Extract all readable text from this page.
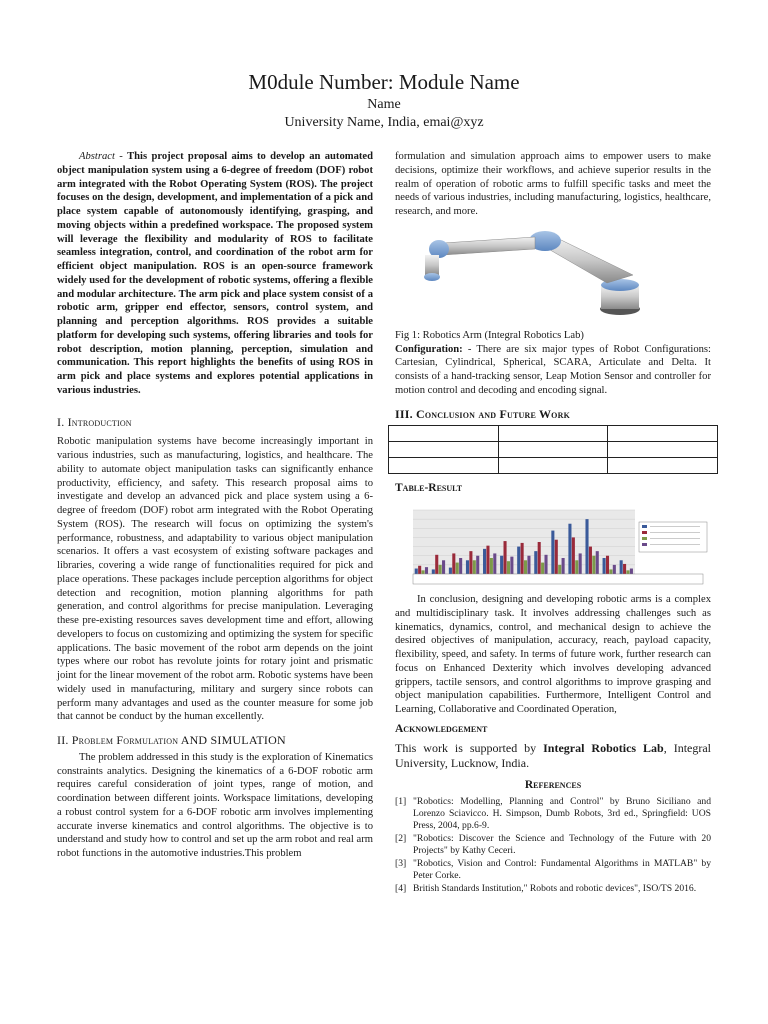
M0dule Number: Module Name
Name
University Name, India, emai@xyz

Abstract - This project proposal aims to develop an automated object manipulation system using a 6-degree of freedom (DOF) robot arm integrated with the Robot Operating System (ROS). The project focuses on the design, development, and implementation of a pick and place system capable of autonomously identifying, grasping, and moving objects within a predefined workspace. The proposed system will leverage the flexibility and modularity of ROS to facilitate seamless integration, control, and coordination of the robot arm for efficient object manipulation. ROS is an open-source framework widely used for the development of robotic systems, offering a flexible and modular architecture. The arm pick and place system consist of a robotic arm, gripper end effector, sensors, control system, and planning and perception algorithms. ROS provides a suitable platform for developing such systems, offering libraries and tools for robot description, motion planning, perception, simulation and communication. This report highlights the benefits of using ROS in arm pick and place systems and explores potential applications in various industries.

I. Introduction

Robotic manipulation systems have become increasingly important in various industries, such as manufacturing, logistics, and healthcare. The ability to automate object manipulation tasks can significantly enhance productivity, efficiency, and safety. This research proposal aims to investigate and develop an advanced pick and place system using a 6-degree of freedom (DOF) robot arm integrated with the Robot Operating System (ROS). The research will focus on optimizing the system's performance, robustness, and adaptability to various object manipulation scenarios. It offers a vast ecosystem of existing software packages and libraries, covering a wide range of functionalities required for pick and place operations. These packages include perception algorithms for object detection and recognition, motion planning algorithms for path generation, and control algorithms for precise manipulation. Leveraging these pre-existing resources saves development time and effort, allowing developers to focus on customizing and optimizing the system for specific applications. The basic movement of the robot arm depends on the joint types where our robot has revolute joints for rotary joint and prismatic joint for the linear movement of the robot arm. Robotic systems have been widely used in manufacturing, military and surgery since robots can perform many advantages and used as the counter measure for some job that cannot be conduct by the human excellently.

II. Problem Formulation AND SIMULATION

The problem addressed in this study is the exploration of Kinematics constraints analytics. Designing the kinematics of a 6-DOF robotic arm requires careful consideration of joint types, range of motion, and coordination between different joints. Workspace limitations, developing a robust control system for a 6-DOF robotic arm involves implementing accurate inverse kinematics and control algorithms. The objective is to understand and study how to control and set up the arm robot and real arm robot functions in the automotive industries.This problem

formulation and simulation approach aims to empower users to make decisions, optimize their workflows, and achieve superior results in the realm of operation of robotic arms to fulfill specific tasks and meet the needs of various industries, including manufacturing, logistics, healthcare, research, and more.

Fig 1: Robotics Arm (Integral Robotics Lab)

Configuration: - There are six major types of Robot Configurations: Cartesian, Cylindrical, Spherical, SCARA, Articulate and Delta. It consists of a hand-tracking sensor, Leap Motion Sensor and controller for motion control and decoding and encoding signal.

III. Conclusion and Future Work

Table-Result

In conclusion, designing and developing robotic arms is a complex and multidisciplinary task. It involves addressing challenges such as kinematics, dynamics, control, and mechanical design to achieve the desired objectives of manipulation, accuracy, reach, payload capacity, flexibility, speed, and safety. In terms of future work, further research can focus on Enhanced Dexterity which involves developing advanced grippers, tactile sensors, and control algorithms to improve grasping and object manipulation capabilities. Furthermore, Intelligent Control and Learning, Collaborative and Coordinated Operation,

Acknowledgement

This work is supported by Integral Robotics Lab, Integral University, Lucknow, India.

References
[1] "Robotics: Modelling, Planning and Control" by Bruno Siciliano and Lorenzo Sciavicco. H. Simpson, Dumb Robots, 3rd ed., Springfield: UOS Press, 2004, pp.6-9.
[2] "Robotics: Discover the Science and Technology of the Future with 20 Projects" by Kathy Ceceri.
[3] "Robotics, Vision and Control: Fundamental Algorithms in MATLAB" by Peter Corke.
[4] British Standards Institution," Robots and robotic devices", ISO/TS 2016.
